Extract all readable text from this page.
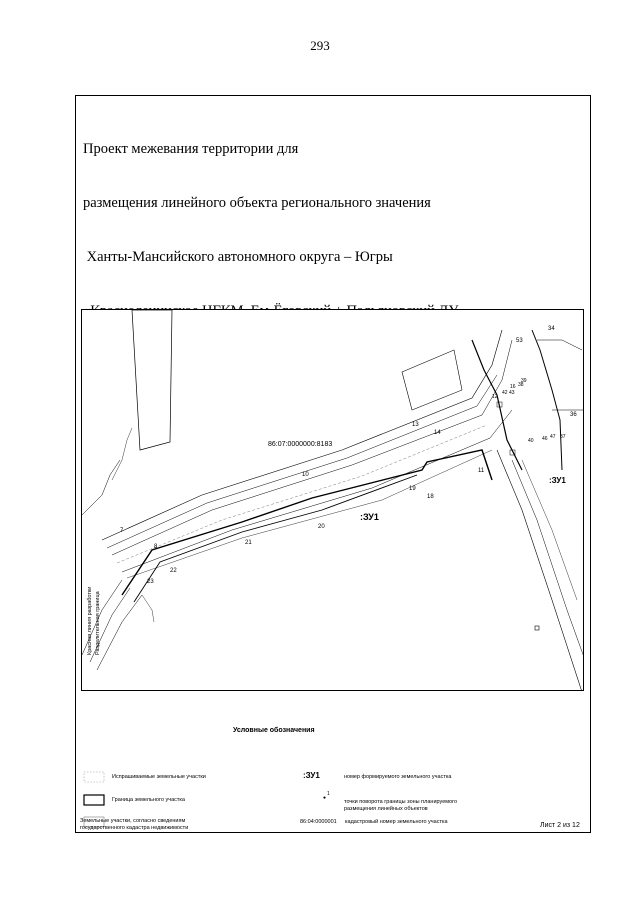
293

Проект межевания территории для

размещения линейного объекта регионального значения

Ханты-Мансийского автономного округа – Югры

86:07:0000000:8183
:ЗУ1
:ЗУ1
7
8
10
11
12
13
14
16
18
19
20
21
22
23
34
36
37
38
39
40
42 43
46 47
53
Красная линия разработки Разделительная граница
Условные обозначения
Испрашиваемые земельные участки
Граница земельного участка
Земельные участки, согласно сведениям
государственного кадастра недвижимости
:ЗУ1	номер формируемого земельного участка
●
1
точки поворота границы зоны планируемого
размещения линейных объектов
86:04:0000001 кадастровый номер земельного участка	Лист 2 из 12
